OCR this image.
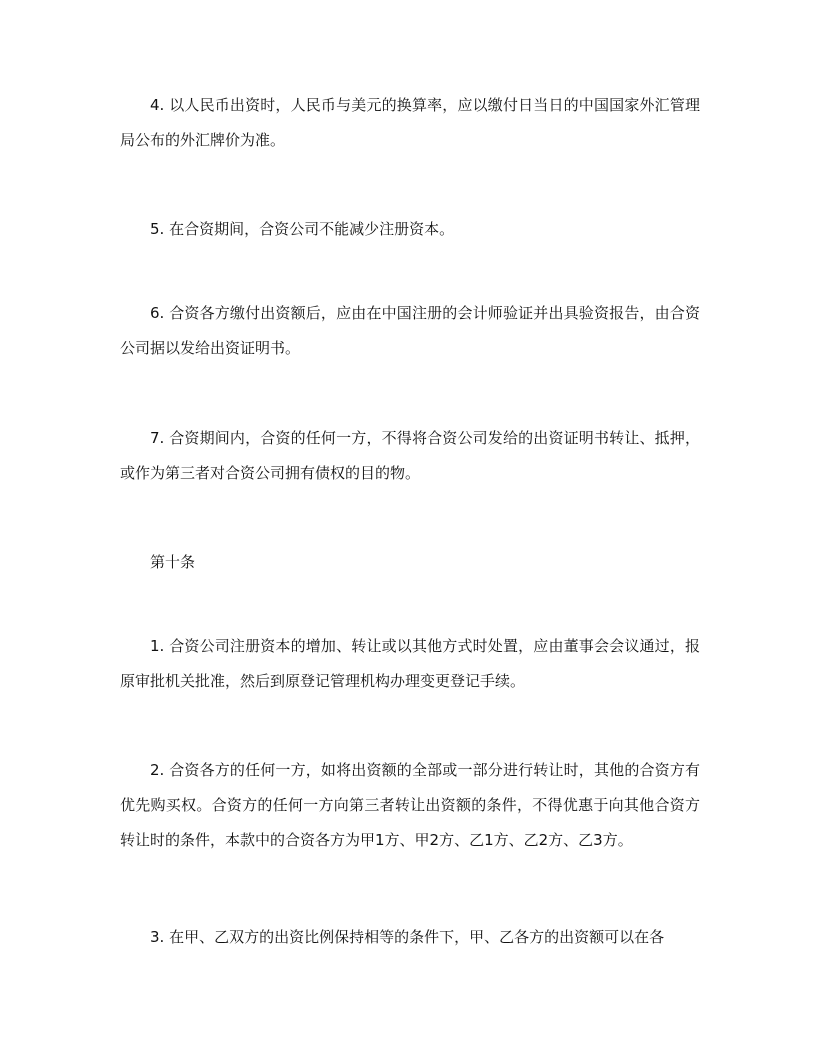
4. 以人民币出资时，人民币与美元的换算率，应以缴付日当日的中国国家外汇管理局公布的外汇牌价为准。

5. 在合资期间，合资公司不能减少注册资本。

6. 合资各方缴付出资额后，应由在中国注册的会计师验证并出具验资报告，由合资公司据以发给出资证明书。

7. 合资期间内，合资的任何一方，不得将合资公司发给的出资证明书转让、抵押，或作为第三者对合资公司拥有债权的目的物。

第十条

1. 合资公司注册资本的增加、转让或以其他方式时处置，应由董事会会议通过，报原审批机关批准，然后到原登记管理机构办理变更登记手续。

2. 合资各方的任何一方，如将出资额的全部或一部分进行转让时，其他的合资方有优先购买权。合资方的任何一方向第三者转让出资额的条件，不得优惠于向其他合资方转让时的条件，本款中的合资各方为甲1方、甲2方、乙1方、乙2方、乙3方。

3. 在甲、乙双方的出资比例保持相等的条件下，甲、乙各方的出资额可以在各
